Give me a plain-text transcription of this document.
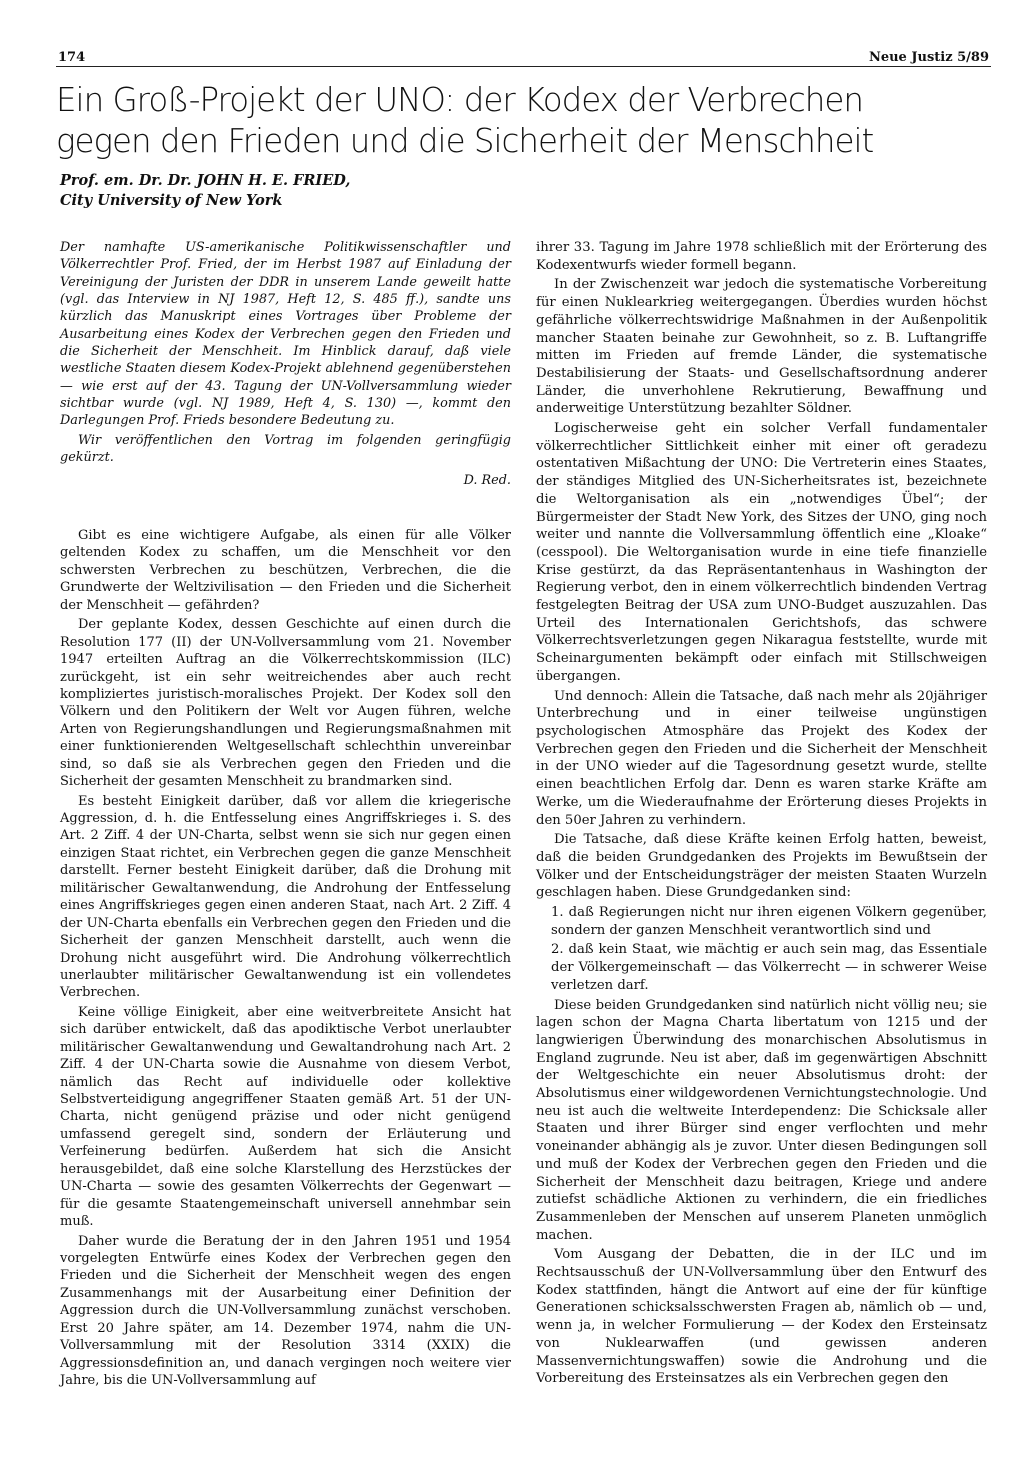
174	Neue Justiz 5/89
Ein Groß-Projekt der UNO: der Kodex der Verbrechen
gegen den Frieden und die Sicherheit der Menschheit
Prof. em. Dr. Dr. JOHN H. E. FRIED,
City University of New York

Der namhafte US-amerikanische Politikwissenschaftler und Völkerrechtler Prof. Fried, der im Herbst 1987 auf Einladung der Vereinigung der Juristen der DDR in unserem Lande geweilt hatte (vgl. das Interview in NJ 1987, Heft 12, S. 485 ff.), sandte uns kürzlich das Manuskript eines Vortrages über Probleme der Ausarbeitung eines Kodex der Verbrechen gegen den Frieden und die Sicherheit der Menschheit. Im Hinblick darauf, daß viele westliche Staaten diesem Kodex-Projekt ablehnend gegenüberstehen — wie erst auf der 43. Tagung der UN-Vollversammlung wieder sichtbar wurde (vgl. NJ 1989, Heft 4, S. 130) —, kommt den Darlegungen Prof. Frieds besondere Bedeutung zu.

Wir veröffentlichen den Vortrag im folgenden geringfügig gekürzt.

D. Red.

Gibt es eine wichtigere Aufgabe, als einen für alle Völker geltenden Kodex zu schaffen, um die Menschheit vor den schwersten Verbrechen zu beschützen, Verbrechen, die die Grundwerte der Weltzivilisation — den Frieden und die Sicherheit der Menschheit — gefährden?

Der geplante Kodex, dessen Geschichte auf einen durch die Resolution 177 (II) der UN-Vollversammlung vom 21. November 1947 erteilten Auftrag an die Völkerrechtskommission (ILC) zurückgeht, ist ein sehr weitreichendes aber auch recht kompliziertes juristisch-moralisches Projekt. Der Kodex soll den Völkern und den Politikern der Welt vor Augen führen, welche Arten von Regierungshandlungen und Regierungsmaßnahmen mit einer funktionierenden Weltgesellschaft schlechthin unvereinbar sind, so daß sie als Verbrechen gegen den Frieden und die Sicherheit der gesamten Menschheit zu brandmarken sind.

Es besteht Einigkeit darüber, daß vor allem die kriegerische Aggression, d. h. die Entfesselung eines Angriffskrieges i. S. des Art. 2 Ziff. 4 der UN-Charta, selbst wenn sie sich nur gegen einen einzigen Staat richtet, ein Verbrechen gegen die ganze Menschheit darstellt. Ferner besteht Einigkeit darüber, daß die Drohung mit militärischer Gewaltanwendung, die Androhung der Entfesselung eines Angriffskrieges gegen einen anderen Staat, nach Art. 2 Ziff. 4 der UN-Charta ebenfalls ein Verbrechen gegen den Frieden und die Sicherheit der ganzen Menschheit darstellt, auch wenn die Drohung nicht ausgeführt wird. Die Androhung völkerrechtlich unerlaubter militärischer Gewaltanwendung ist ein vollendetes Verbrechen.

Keine völlige Einigkeit, aber eine weitverbreitete Ansicht hat sich darüber entwickelt, daß das apodiktische Verbot unerlaubter militärischer Gewaltanwendung und Gewaltandrohung nach Art. 2 Ziff. 4 der UN-Charta sowie die Ausnahme von diesem Verbot, nämlich das Recht auf individuelle oder kollektive Selbstverteidigung angegriffener Staaten gemäß Art. 51 der UN-Charta, nicht genügend präzise und oder nicht genügend umfassend geregelt sind, sondern der Erläuterung und Verfeinerung bedürfen. Außerdem hat sich die Ansicht herausgebildet, daß eine solche Klarstellung des Herzstückes der UN-Charta — sowie des gesamten Völkerrechts der Gegenwart — für die gesamte Staatengemeinschaft universell annehmbar sein muß.

Daher wurde die Beratung der in den Jahren 1951 und 1954 vorgelegten Entwürfe eines Kodex der Verbrechen gegen den Frieden und die Sicherheit der Menschheit wegen des engen Zusammenhangs mit der Ausarbeitung einer Definition der Aggression durch die UN-Vollversammlung zunächst verschoben. Erst 20 Jahre später, am 14. Dezember 1974, nahm die UN-Vollversammlung mit der Resolution 3314 (XXIX) die Aggressionsdefinition an, und danach vergingen noch weitere vier Jahre, bis die UN-Vollversammlung auf

ihrer 33. Tagung im Jahre 1978 schließlich mit der Erörterung des Kodexentwurfs wieder formell begann.

In der Zwischenzeit war jedoch die systematische Vorbereitung für einen Nuklearkrieg weitergegangen. Überdies wurden höchst gefährliche völkerrechtswidrige Maßnahmen in der Außenpolitik mancher Staaten beinahe zur Gewohnheit, so z. B. Luftangriffe mitten im Frieden auf fremde Länder, die systematische Destabilisierung der Staats- und Gesellschaftsordnung anderer Länder, die unverhohlene Rekrutierung, Bewaffnung und anderweitige Unterstützung bezahlter Söldner.

Logischerweise geht ein solcher Verfall fundamentaler völkerrechtlicher Sittlichkeit einher mit einer oft geradezu ostentativen Mißachtung der UNO: Die Vertreterin eines Staates, der ständiges Mitglied des UN-Sicherheitsrates ist, bezeichnete die Weltorganisation als ein „notwendiges Übel“; der Bürgermeister der Stadt New York, des Sitzes der UNO, ging noch weiter und nannte die Vollversammlung öffentlich eine „Kloake“ (cesspool). Die Weltorganisation wurde in eine tiefe finanzielle Krise gestürzt, da das Repräsentantenhaus in Washington der Regierung verbot, den in einem völkerrechtlich bindenden Vertrag festgelegten Beitrag der USA zum UNO-Budget auszuzahlen. Das Urteil des Internationalen Gerichtshofs, das schwere Völkerrechtsverletzungen gegen Nikaragua feststellte, wurde mit Scheinargumenten bekämpft oder einfach mit Stillschweigen übergangen.

Und dennoch: Allein die Tatsache, daß nach mehr als 20jähriger Unterbrechung und in einer teilweise ungünstigen psychologischen Atmosphäre das Projekt des Kodex der Verbrechen gegen den Frieden und die Sicherheit der Menschheit in der UNO wieder auf die Tagesordnung gesetzt wurde, stellte einen beachtlichen Erfolg dar. Denn es waren starke Kräfte am Werke, um die Wiederaufnahme der Erörterung dieses Projekts in den 50er Jahren zu verhindern.

Die Tatsache, daß diese Kräfte keinen Erfolg hatten, beweist, daß die beiden Grundgedanken des Projekts im Bewußtsein der Völker und der Entscheidungsträger der meisten Staaten Wurzeln geschlagen haben. Diese Grundgedanken sind:

1. daß Regierungen nicht nur ihren eigenen Völkern gegenüber, sondern der ganzen Menschheit verantwortlich sind und

2. daß kein Staat, wie mächtig er auch sein mag, das Essentiale der Völkergemeinschaft — das Völkerrecht — in schwerer Weise verletzen darf.

Diese beiden Grundgedanken sind natürlich nicht völlig neu; sie lagen schon der Magna Charta libertatum von 1215 und der langwierigen Überwindung des monarchischen Absolutismus in England zugrunde. Neu ist aber, daß im gegenwärtigen Abschnitt der Weltgeschichte ein neuer Absolutismus droht: der Absolutismus einer wildgewordenen Vernichtungstechnologie. Und neu ist auch die weltweite Interdependenz: Die Schicksale aller Staaten und ihrer Bürger sind enger verflochten und mehr voneinander abhängig als je zuvor. Unter diesen Bedingungen soll und muß der Kodex der Verbrechen gegen den Frieden und die Sicherheit der Menschheit dazu beitragen, Kriege und andere zutiefst schädliche Aktionen zu verhindern, die ein friedliches Zusammenleben der Menschen auf unserem Planeten unmöglich machen.

Vom Ausgang der Debatten, die in der ILC und im Rechtsausschuß der UN-Vollversammlung über den Entwurf des Kodex stattfinden, hängt die Antwort auf eine der für künftige Generationen schicksalsschwersten Fragen ab, nämlich ob — und, wenn ja, in welcher Formulierung — der Kodex den Ersteinsatz von Nuklearwaffen (und gewissen anderen Massenvernichtungswaffen) sowie die Androhung und die Vorbereitung des Ersteinsatzes als ein Verbrechen gegen den
